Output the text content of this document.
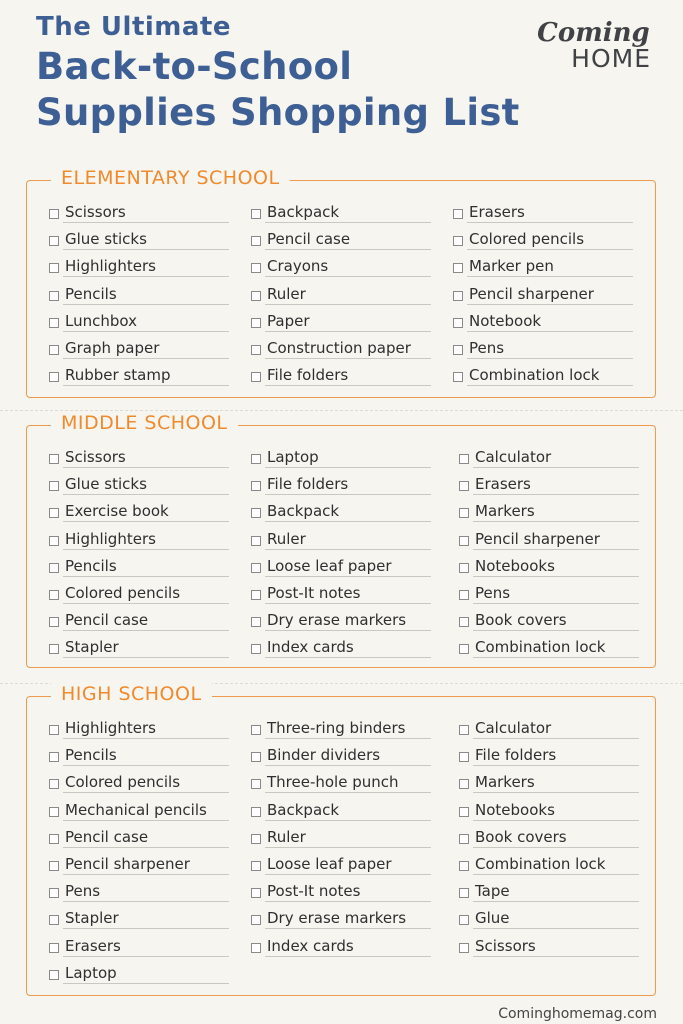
The Ultimate
Back-to-School
Supplies Shopping List
Coming
HOME
ELEMENTARY SCHOOL
Scissors
Glue sticks
Highlighters
Pencils
Lunchbox
Graph paper
Rubber stamp
Backpack
Pencil case
Crayons
Ruler
Paper
Construction paper
File folders
Erasers
Colored pencils
Marker pen
Pencil sharpener
Notebook
Pens
Combination lock
MIDDLE SCHOOL
Scissors
Glue sticks
Exercise book
Highlighters
Pencils
Colored pencils
Pencil case
Stapler
Laptop
File folders
Backpack
Ruler
Loose leaf paper
Post-It notes
Dry erase markers
Index cards
Calculator
Erasers
Markers
Pencil sharpener
Notebooks
Pens
Book covers
Combination lock
HIGH SCHOOL
Highlighters
Pencils
Colored pencils
Mechanical pencils
Pencil case
Pencil sharpener
Pens
Stapler
Erasers
Laptop
Three-ring binders
Binder dividers
Three-hole punch
Backpack
Ruler
Loose leaf paper
Post-It notes
Dry erase markers
Index cards
Calculator
File folders
Markers
Notebooks
Book covers
Combination lock
Tape
Glue
Scissors
Cominghomemag.com
